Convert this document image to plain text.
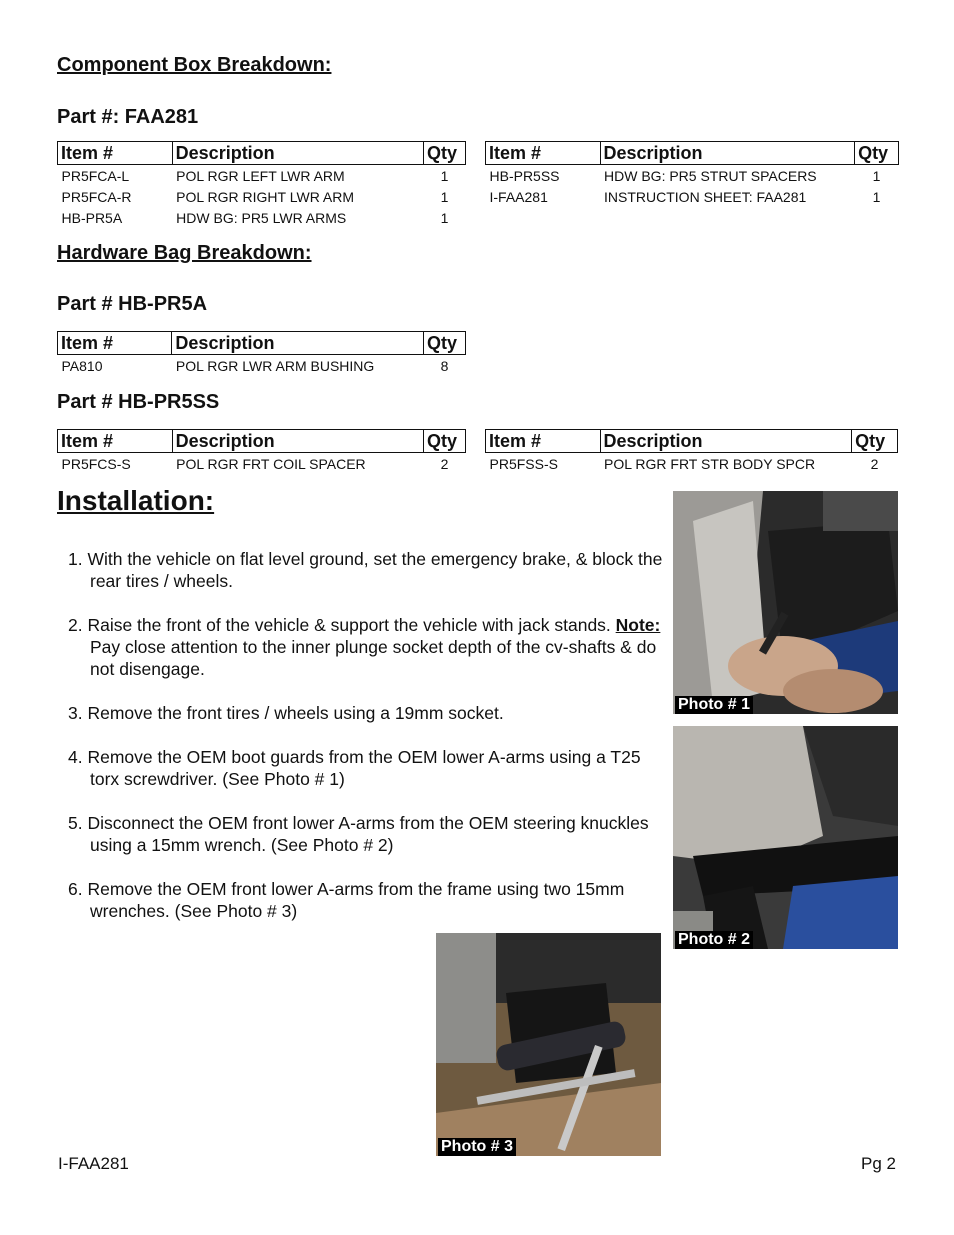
Component Box Breakdown:
Part #: FAA281
Item #	Description	Qty
PR5FCA-L	POL RGR LEFT LWR ARM	1
PR5FCA-R	POL RGR RIGHT LWR ARM	1
HB-PR5A	HDW BG: PR5 LWR ARMS	1
Item #	Description	Qty
HB-PR5SS	HDW BG: PR5 STRUT SPACERS	1
I-FAA281	INSTRUCTION SHEET: FAA281	1
Hardware Bag Breakdown:
Part # HB-PR5A
Item #	Description	Qty
PA810	POL RGR LWR ARM BUSHING	8
Part # HB-PR5SS
Item #	Description	Qty
PR5FCS-S	POL RGR FRT COIL SPACER	2
Item #	Description	Qty
PR5FSS-S	POL RGR FRT STR BODY SPCR	2
Installation:

1. With the vehicle on flat level ground, set the emergency brake, & block the rear tires / wheels.

2. Raise the front of the vehicle & support the vehicle with jack stands. Note: Pay close attention to the inner plunge socket depth of the cv-shafts & do not disengage.

3. Remove the front tires / wheels using a 19mm socket.

4. Remove the OEM boot guards from the OEM lower A-arms using a T25 torx screwdriver. (See Photo # 1)

5. Disconnect the OEM front lower A-arms from the OEM steering knuckles using a 15mm wrench. (See Photo # 2)

6. Remove the OEM front lower A-arms from the frame using two 15mm wrenches. (See Photo # 3)

Photo # 1
Photo # 2
Photo # 3
I-FAA281	Pg 2
